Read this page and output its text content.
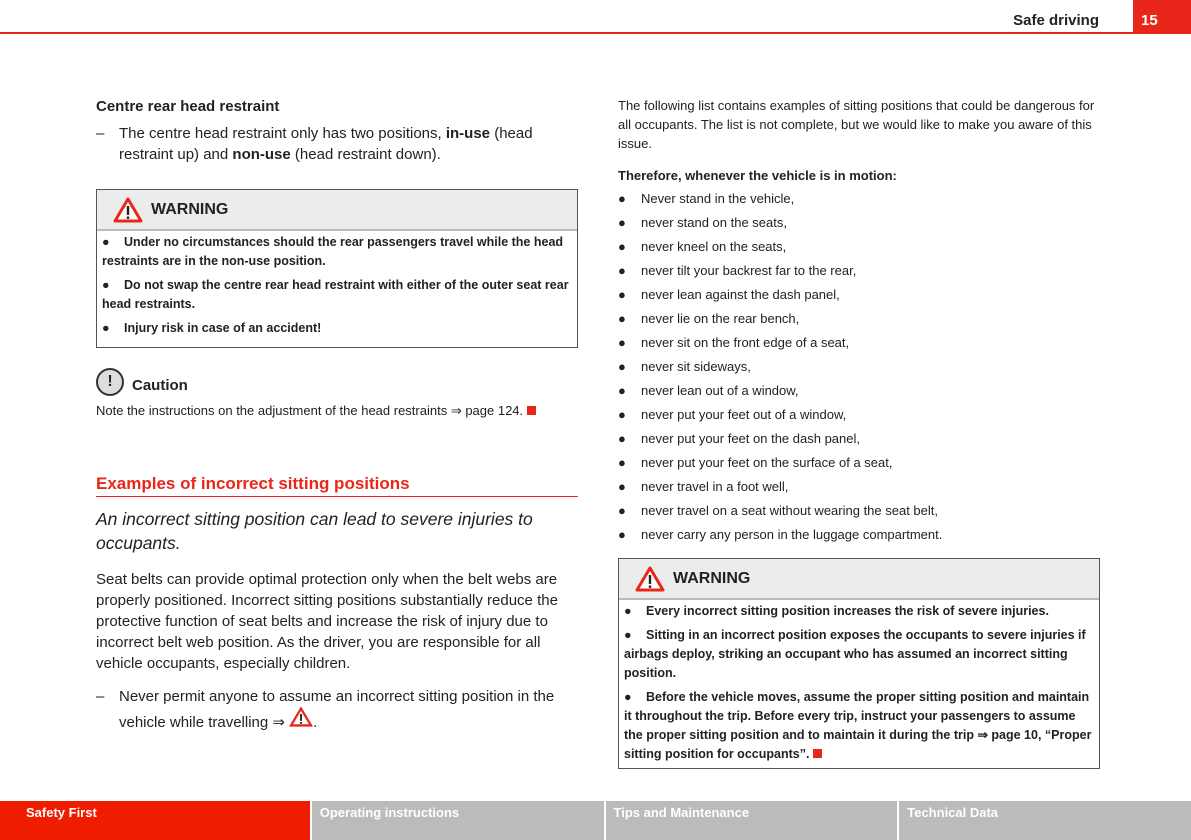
Safe driving	15
Centre rear head restraint
– The centre head restraint only has two positions, in-use (head restraint up) and non-use (head restraint down).
WARNING

● Under no circumstances should the rear passengers travel while the head restraints are in the non-use position.

● Do not swap the centre rear head restraint with either of the outer seat rear head restraints.

● Injury risk in case of an accident!

!	Caution
Note the instructions on the adjustment of the head restraints ⇒ page 124.
Examples of incorrect sitting positions
An incorrect sitting position can lead to severe injuries to occupants.
Seat belts can provide optimal protection only when the belt webs are properly positioned. Incorrect sitting positions substantially reduce the protective function of seat belts and increase the risk of injury due to incorrect belt web position. As the driver, you are responsible for all vehicle occupants, especially children.
– Never permit anyone to assume an incorrect sitting position in the vehicle while travelling ⇒ .

The following list contains examples of sitting positions that could be dangerous for all occupants. The list is not complete, but we would like to make you aware of this issue.

Therefore, whenever the vehicle is in motion:

● Never stand in the vehicle,
● never stand on the seats,
● never kneel on the seats,
● never tilt your backrest far to the rear,
● never lean against the dash panel,
● never lie on the rear bench,
● never sit on the front edge of a seat,
● never sit sideways,
● never lean out of a window,
● never put your feet out of a window,
● never put your feet on the dash panel,
● never put your feet on the surface of a seat,
● never travel in a foot well,
● never travel on a seat without wearing the seat belt,
● never carry any person in the luggage compartment.
WARNING

● Every incorrect sitting position increases the risk of severe injuries.

● Sitting in an incorrect position exposes the occupants to severe injuries if airbags deploy, striking an occupant who has assumed an incorrect sitting position.

● Before the vehicle moves, assume the proper sitting position and maintain it throughout the trip. Before every trip, instruct your passengers to assume the proper sitting position and to maintain it during the trip ⇒ page 10, “Proper sitting position for occupants”.

Safety First	Operating instructions	Tips and Maintenance	Technical Data
